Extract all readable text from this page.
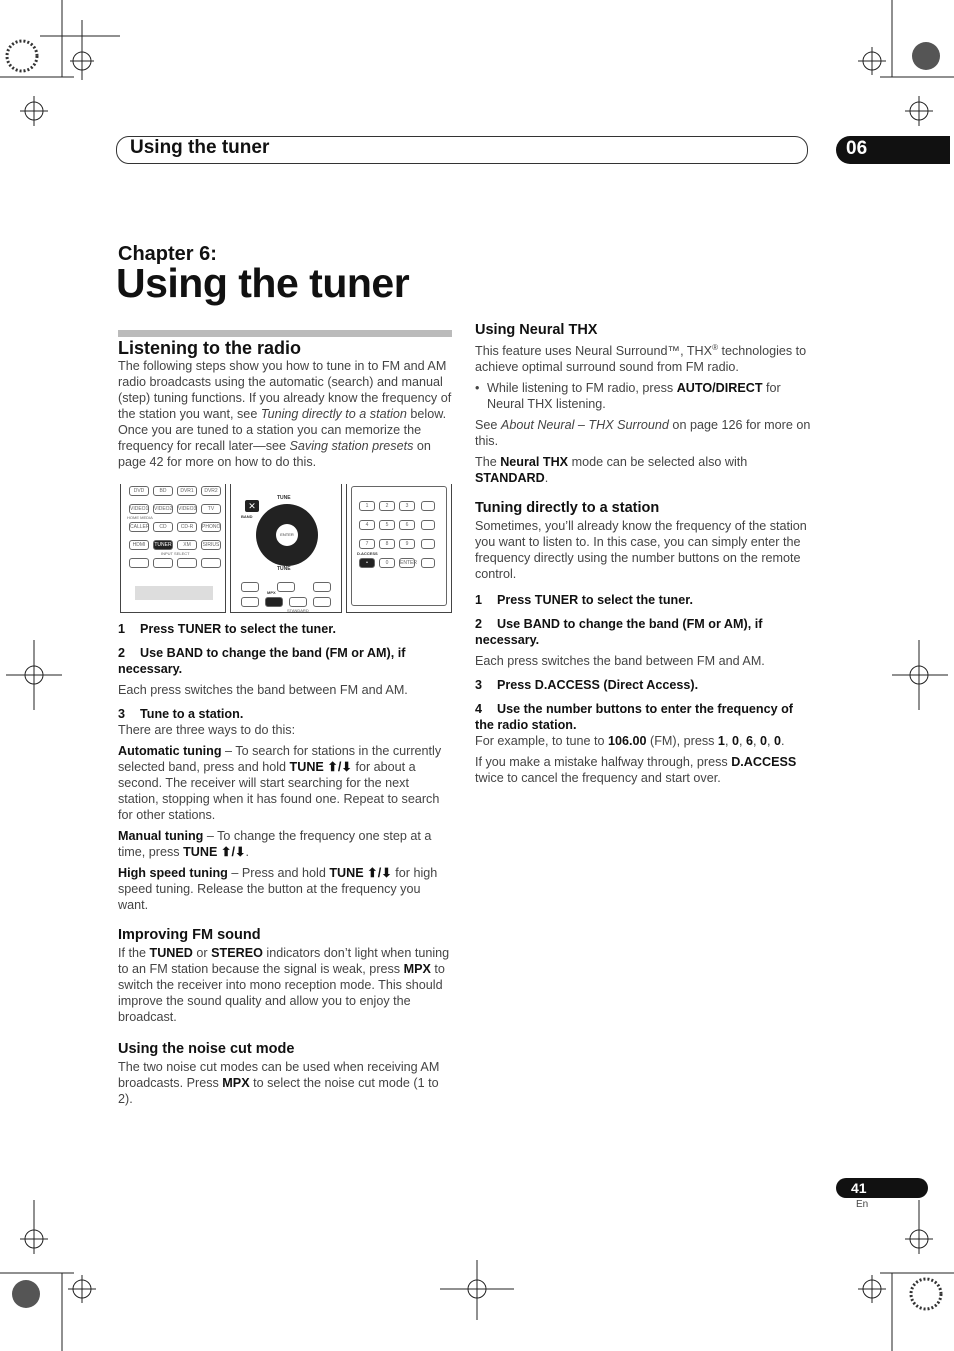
Using the tuner	06
Chapter 6:
Using the tuner
Listening to the radio

The following steps show you how to tune in to FM and AM radio broadcasts using the automatic (search) and manual (step) tuning functions. If you already know the frequency of the station you want, see Tuning directly to a station below. Once you are tuned to a station you can memorize the frequency for recall later—see Saving station presets on page 42 for more on how to do this.

DVD	BD	DVR1	DVR2
VIDEO1 VIDEO2 VIDEO3	TV
HOME MEDIA
CALLER	CD	CD-R	PHONO
HDMI	TUNER	XM	SIRIUS
INPUT SELECT
TUNE
✕
BAND
ENTER
TUNE
MPX
STANDARD
1	2	3
4	5	6
7	8	9
D.ACCESS
•	0	ENTER

1 Press TUNER to select the tuner.

2 Use BAND to change the band (FM or AM), if necessary.

Each press switches the band between FM and AM.

3 Tune to a station.

There are three ways to do this:

Automatic tuning – To search for stations in the currently selected band, press and hold TUNE ⬆/⬇ for about a second. The receiver will start searching for the next station, stopping when it has found one. Repeat to search for other stations.

Manual tuning – To change the frequency one step at a time, press TUNE ⬆/⬇.

High speed tuning – Press and hold TUNE ⬆/⬇ for high speed tuning. Release the button at the frequency you want.

Improving FM sound

If the TUNED or STEREO indicators don’t light when tuning to an FM station because the signal is weak, press MPX to switch the receiver into mono reception mode. This should improve the sound quality and allow you to enjoy the broadcast.

Using the noise cut mode

The two noise cut modes can be used when receiving AM broadcasts. Press MPX to select the noise cut mode (1 to 2).

Using Neural THX

This feature uses Neural Surround™, THX® technologies to achieve optimal surround sound from FM radio.

• While listening to FM radio, press AUTO/DIRECT for Neural THX listening.

See About Neural – THX Surround on page 126 for more on this.

The Neural THX mode can be selected also with STANDARD.

Tuning directly to a station

Sometimes, you’ll already know the frequency of the station you want to listen to. In this case, you can simply enter the frequency directly using the number buttons on the remote control.

1 Press TUNER to select the tuner.

2 Use BAND to change the band (FM or AM), if necessary.

Each press switches the band between FM and AM.

3 Press D.ACCESS (Direct Access).

4 Use the number buttons to enter the frequency of the radio station.

For example, to tune to 106.00 (FM), press 1, 0, 6, 0, 0.

If you make a mistake halfway through, press D.ACCESS twice to cancel the frequency and start over.

41
En
